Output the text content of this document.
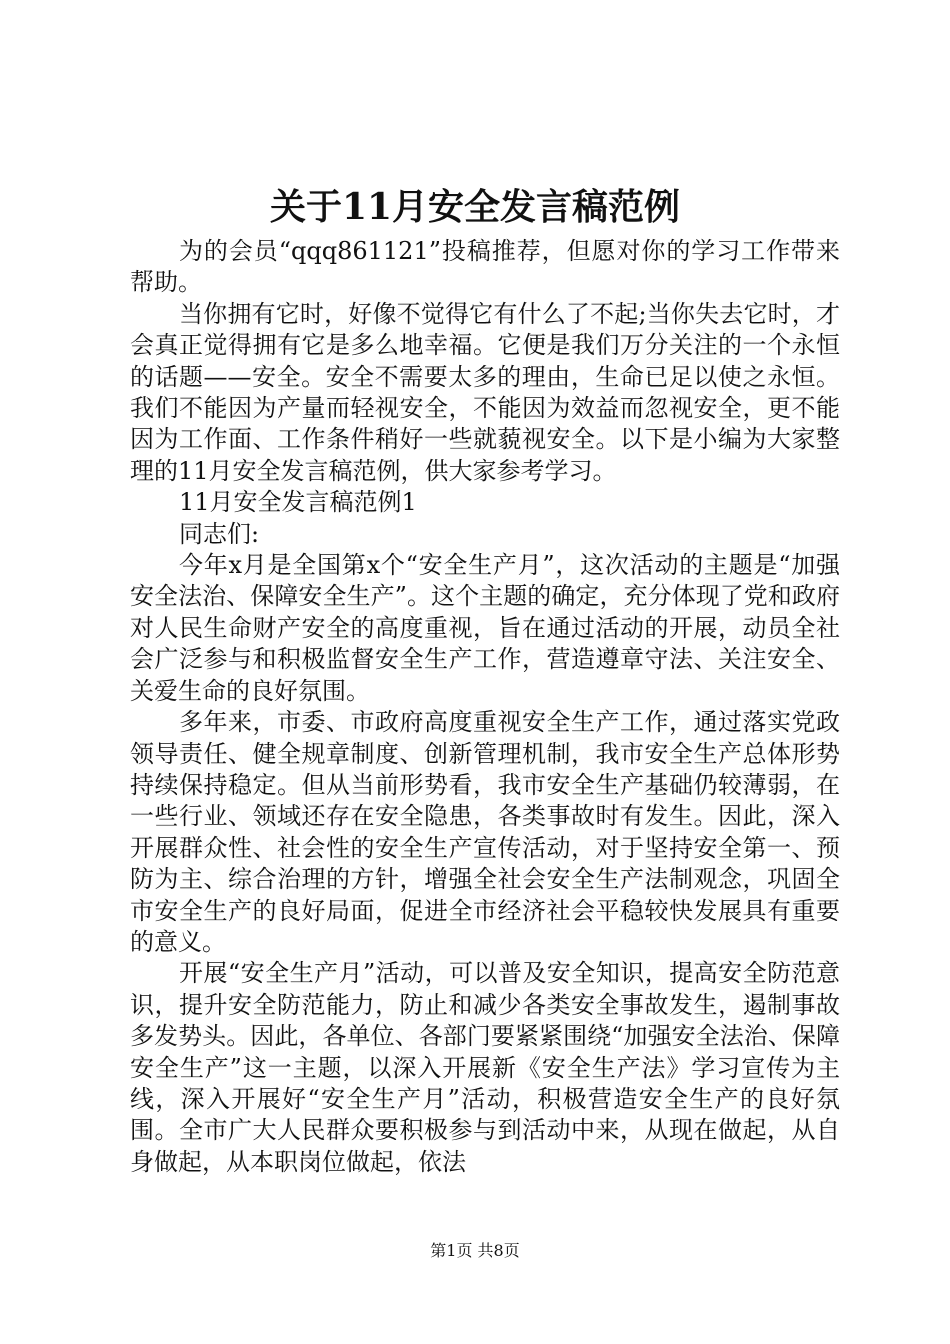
关于11月安全发言稿范例

为的会员“qqq861121”投稿推荐，但愿对你的学习工作带来帮助。

当你拥有它时，好像不觉得它有什么了不起;当你失去它时，才会真正觉得拥有它是多么地幸福。它便是我们万分关注的一个永恒的话题——安全。安全不需要太多的理由，生命已足以使之永恒。我们不能因为产量而轻视安全，不能因为效益而忽视安全，更不能因为工作面、工作条件稍好一些就藐视安全。以下是小编为大家整理的11月安全发言稿范例，供大家参考学习。

11月安全发言稿范例1

同志们:

今年x月是全国第x个“安全生产月”，这次活动的主题是“加强安全法治、保障安全生产”。这个主题的确定，充分体现了党和政府对人民生命财产安全的高度重视，旨在通过活动的开展，动员全社会广泛参与和积极监督安全生产工作，营造遵章守法、关注安全、关爱生命的良好氛围。

多年来，市委、市政府高度重视安全生产工作，通过落实党政领导责任、健全规章制度、创新管理机制，我市安全生产总体形势持续保持稳定。但从当前形势看，我市安全生产基础仍较薄弱，在一些行业、领域还存在安全隐患，各类事故时有发生。因此，深入开展群众性、社会性的安全生产宣传活动，对于坚持安全第一、预防为主、综合治理的方针，增强全社会安全生产法制观念，巩固全市安全生产的良好局面，促进全市经济社会平稳较快发展具有重要的意义。

开展“安全生产月”活动，可以普及安全知识，提高安全防范意识，提升安全防范能力，防止和减少各类安全事故发生，遏制事故多发势头。因此，各单位、各部门要紧紧围绕“加强安全法治、保障安全生产”这一主题，以深入开展新《安全生产法》学习宣传为主线，深入开展好“安全生产月”活动，积极营造安全生产的良好氛围。全市广大人民群众要积极参与到活动中来，从现在做起，从自身做起，从本职岗位做起，依法

第1页 共8页
